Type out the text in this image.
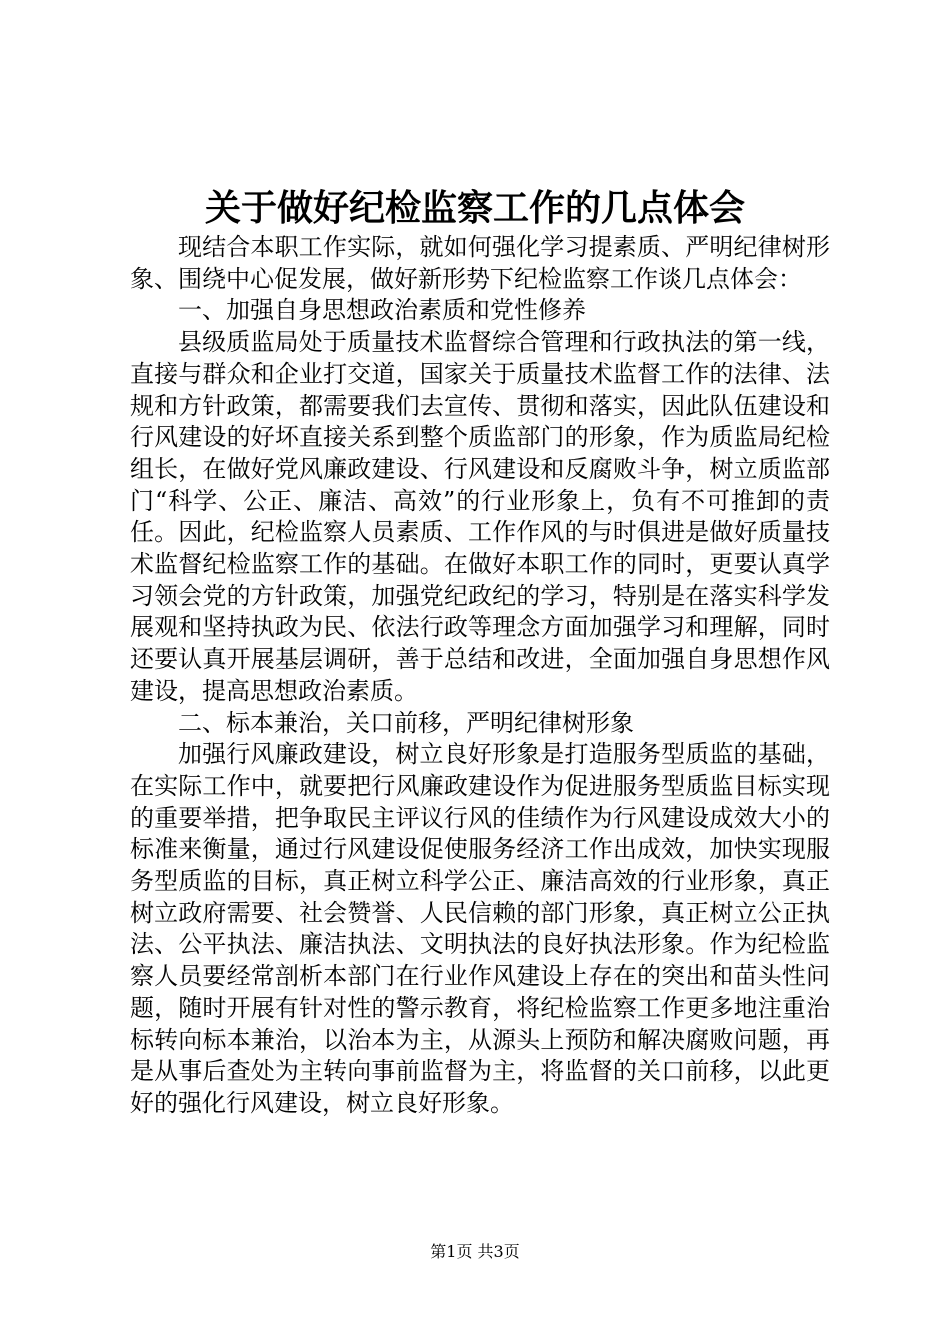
关于做好纪检监察工作的几点体会

现结合本职工作实际，就如何强化学习提素质、严明纪律树形象、围绕中心促发展，做好新形势下纪检监察工作谈几点体会：

一、加强自身思想政治素质和党性修养

县级质监局处于质量技术监督综合管理和行政执法的第一线，直接与群众和企业打交道，国家关于质量技术监督工作的法律、法规和方针政策，都需要我们去宣传、贯彻和落实，因此队伍建设和行风建设的好坏直接关系到整个质监部门的形象，作为质监局纪检组长，在做好党风廉政建设、行风建设和反腐败斗争，树立质监部门“科学、公正、廉洁、高效”的行业形象上，负有不可推卸的责任。因此，纪检监察人员素质、工作作风的与时俱进是做好质量技术监督纪检监察工作的基础。在做好本职工作的同时，更要认真学习领会党的方针政策，加强党纪政纪的学习，特别是在落实科学发展观和坚持执政为民、依法行政等理念方面加强学习和理解，同时还要认真开展基层调研，善于总结和改进，全面加强自身思想作风建设，提高思想政治素质。

二、标本兼治，关口前移，严明纪律树形象

加强行风廉政建设，树立良好形象是打造服务型质监的基础，在实际工作中，就要把行风廉政建设作为促进服务型质监目标实现的重要举措，把争取民主评议行风的佳绩作为行风建设成效大小的标准来衡量，通过行风建设促使服务经济工作出成效，加快实现服务型质监的目标，真正树立科学公正、廉洁高效的行业形象，真正树立政府需要、社会赞誉、人民信赖的部门形象，真正树立公正执法、公平执法、廉洁执法、文明执法的良好执法形象。作为纪检监察人员要经常剖析本部门在行业作风建设上存在的突出和苗头性问题，随时开展有针对性的警示教育，将纪检监察工作更多地注重治标转向标本兼治，以治本为主，从源头上预防和解决腐败问题，再是从事后查处为主转向事前监督为主，将监督的关口前移，以此更好的强化行风建设，树立良好形象。

第1页 共3页
